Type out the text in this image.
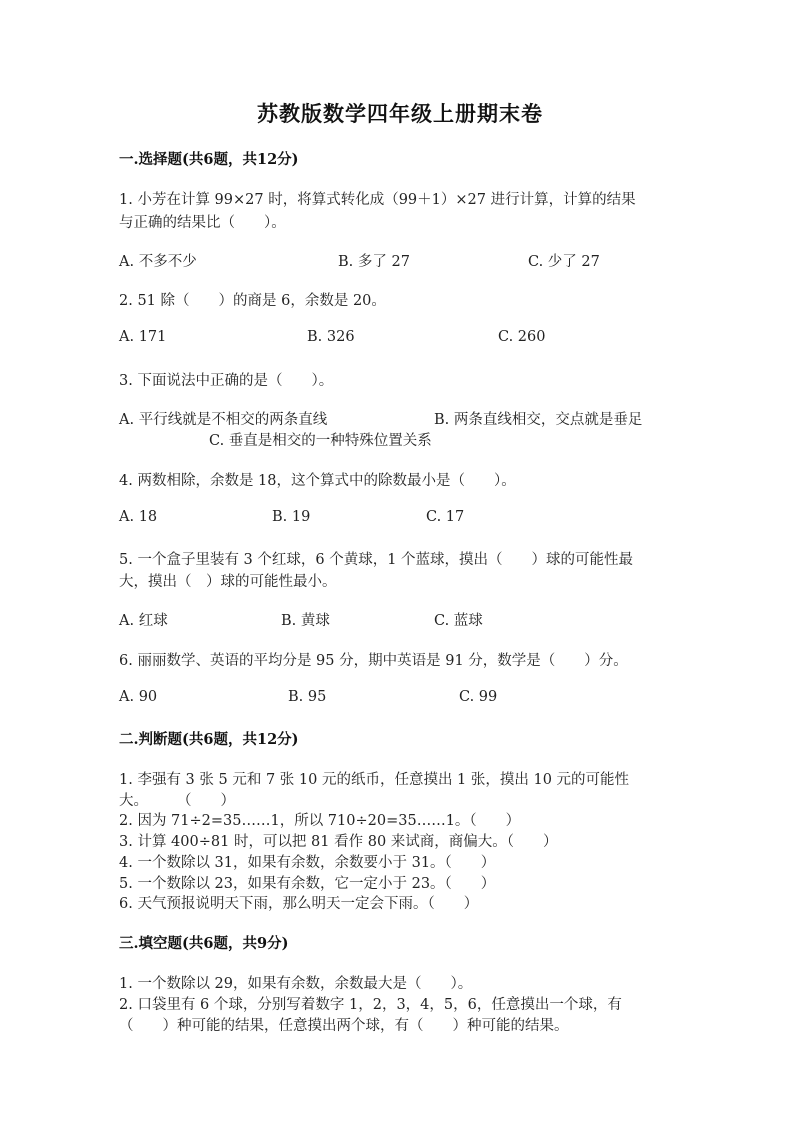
苏教版数学四年级上册期末卷
一.选择题(共6题，共12分)
1. 小芳在计算 99×27 时，将算式转化成（99＋1）×27 进行计算，计算的结果
与正确的结果比（　　）。
A. 不多不少	B. 多了 27	C. 少了 27
2. 51 除（　　）的商是 6，余数是 20。
A. 171	B. 326	C. 260
3. 下面说法中正确的是（　　）。
A. 平行线就是不相交的两条直线	B. 两条直线相交，交点就是垂足
C. 垂直是相交的一种特殊位置关系
4. 两数相除，余数是 18，这个算式中的除数最小是（　　）。
A. 18	B. 19	C. 17
5. 一个盒子里装有 3 个红球，6 个黄球，1 个蓝球，摸出（　　）球的可能性最
大，摸出（　）球的可能性最小。
A. 红球	B. 黄球	C. 蓝球
6. 丽丽数学、英语的平均分是 95 分，期中英语是 91 分，数学是（　　）分。
A. 90	B. 95	C. 99
二.判断题(共6题，共12分)
1. 李强有 3 张 5 元和 7 张 10 元的纸币，任意摸出 1 张，摸出 10 元的可能性
大。　　　（　　）
2. 因为 71÷2=35……1，所以 710÷20=35……1。（　　）
3. 计算 400÷81 时，可以把 81 看作 80 来试商，商偏大。（　　）
4. 一个数除以 31，如果有余数，余数要小于 31。（　　）
5. 一个数除以 23，如果有余数，它一定小于 23。（　　）
6. 天气预报说明天下雨，那么明天一定会下雨。（　　）
三.填空题(共6题，共9分)
1. 一个数除以 29，如果有余数，余数最大是（　　）。
2. 口袋里有 6 个球，分别写着数字 1，2，3，4，5，6，任意摸出一个球，有
（　　）种可能的结果，任意摸出两个球，有（　　）种可能的结果。
